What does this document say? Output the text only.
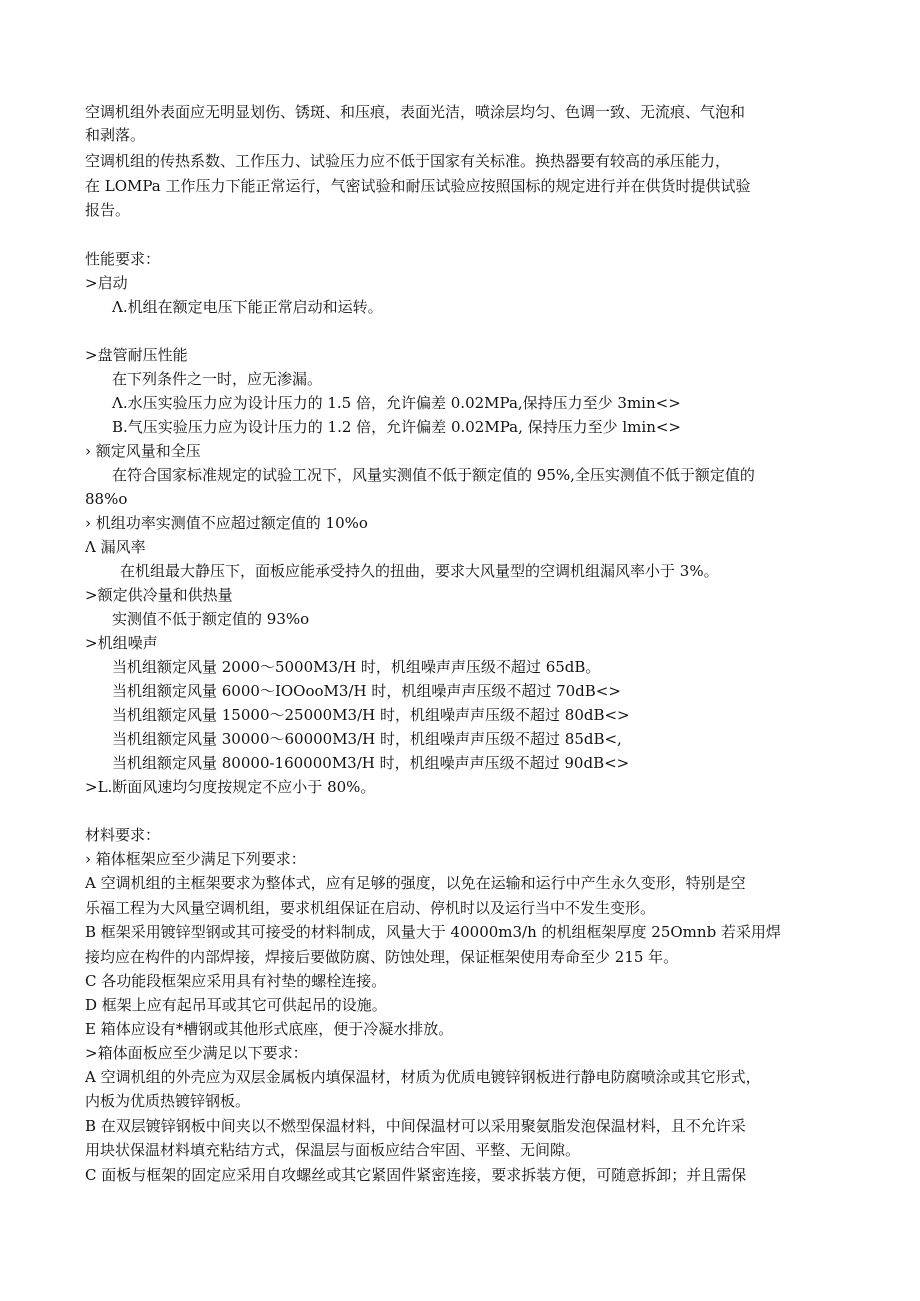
空调机组外表面应无明显划伤、锈斑、和压痕，表面光洁，喷涂层均匀、色调一致、无流痕、气泡和
和剥落。
空调机组的传热系数、工作压力、试验压力应不低于国家有关标准。换热器要有较高的承压能力，
在 LOMPa 工作压力下能正常运行，气密试验和耐压试验应按照国标的规定进行并在供货时提供试验
报告。
性能要求：
>启动
Λ.机组在额定电压下能正常启动和运转。
>盘管耐压性能
在下列条件之一时，应无渗漏。
Λ.水压实验压力应为设计压力的 1.5 倍，允许偏差 0.02MPa,保持压力至少 3min<>
B.气压实验压力应为设计压力的 1.2 倍，允许偏差 0.02MPa, 保持压力至少 lmin<>
› 额定风量和全压
在符合国家标准规定的试验工况下，风量实测值不低于额定值的 95%,全压实测值不低于额定值的
88%o
› 机组功率实测值不应超过额定值的 10%o
Λ 漏风率
在机组最大静压下，面板应能承受持久的扭曲，要求大风量型的空调机组漏风率小于 3%。
>额定供冷量和供热量
实测值不低于额定值的 93%o
>机组噪声
当机组额定风量 2000～5000M3/H 时，机组噪声声压级不超过 65dB。
当机组额定风量 6000～IOOooM3/H 时，机组噪声声压级不超过 70dB<>
当机组额定风量 15000～25000M3/H 时，机组噪声声压级不超过 80dB<>
当机组额定风量 30000～60000M3/H 时，机组噪声声压级不超过 85dB<,
当机组额定风量 80000-160000M3/H 时，机组噪声声压级不超过 90dB<>
>L.断面风速均匀度按规定不应小于 80%。
材料要求：
› 箱体框架应至少满足下列要求：
A 空调机组的主框架要求为整体式，应有足够的强度，以免在运输和运行中产生永久变形，特别是空
乐福工程为大风量空调机组，要求机组保证在启动、停机时以及运行当中不发生变形。
B 框架采用镀锌型钢或其可接受的材料制成，风量大于 40000m3/h 的机组框架厚度 25Omnb 若采用焊
接均应在构件的内部焊接，焊接后要做防腐、防蚀处理，保证框架使用寿命至少 215 年。
C 各功能段框架应采用具有衬垫的螺栓连接。
D 框架上应有起吊耳或其它可供起吊的设施。
E 箱体应设有*槽钢或其他形式底座，便于冷凝水排放。
>箱体面板应至少满足以下要求：
A 空调机组的外壳应为双层金属板内填保温材，材质为优质电镀锌钢板进行静电防腐喷涂或其它形式，
内板为优质热镀锌钢板。
B 在双层镀锌钢板中间夹以不燃型保温材料，中间保温材可以采用聚氨脂发泡保温材料，且不允许采
用块状保温材料填充粘结方式，保温层与面板应结合牢固、平整、无间隙。
C 面板与框架的固定应采用自攻螺丝或其它紧固件紧密连接，要求拆装方便，可随意拆卸；并且需保
